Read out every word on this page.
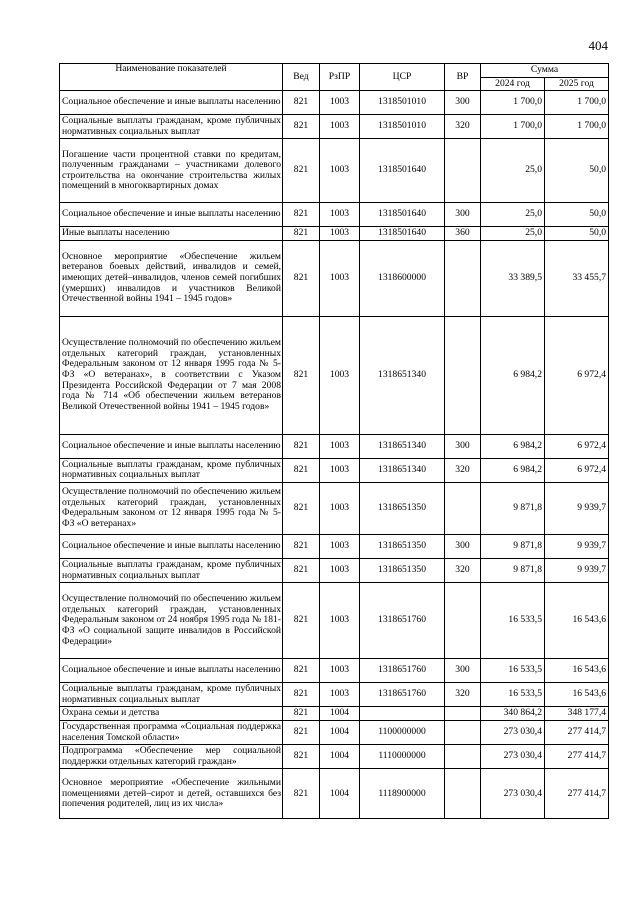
404
Наименование показателей	Вед	РзПР	ЦСР	ВР	Сумма	
					2024 год	2025 год
Социальное обеспечение и иные выплаты населению	821	1003	1318501010	300	1 700,0	1 700,0
Социальные выплаты гражданам, кроме публичных нормативных социальных выплат	821	1003	1318501010	320	1 700,0	1 700,0
Погашение части процентной ставки по кредитам, полученным гражданами – участниками долевого строительства на окончание строительства жилых помещений в многоквартирных домах	821	1003	1318501640		25,0	50,0
Социальное обеспечение и иные выплаты населению	821	1003	1318501640	300	25,0	50,0
Иные выплаты населению	821	1003	1318501640	360	25,0	50,0
Основное мероприятие «Обеспечение жильем ветеранов боевых действий, инвалидов и семей, имеющих детей–инвалидов, членов семей погибших (умерших) инвалидов и участников Великой Отечественной войны 1941 – 1945 годов»	821	1003	1318600000		33 389,5	33 455,7
Осуществление полномочий по обеспечению жильем отдельных категорий граждан, установленных Федеральным законом от 12 января 1995 года № 5-ФЗ «О ветеранах», в соответствии с Указом Президента Российской Федерации от 7 мая 2008 года № 714 «Об обеспечении жильем ветеранов Великой Отечественной войны 1941 – 1945 годов»	821	1003	1318651340		6 984,2	6 972,4
Социальное обеспечение и иные выплаты населению	821	1003	1318651340	300	6 984,2	6 972,4
Социальные выплаты гражданам, кроме публичных нормативных социальных выплат	821	1003	1318651340	320	6 984,2	6 972,4
Осуществление полномочий по обеспечению жильем отдельных категорий граждан, установленных Федеральным законом от 12 января 1995 года № 5-ФЗ «О ветеранах»	821	1003	1318651350		9 871,8	9 939,7
Социальное обеспечение и иные выплаты населению	821	1003	1318651350	300	9 871,8	9 939,7
Социальные выплаты гражданам, кроме публичных нормативных социальных выплат	821	1003	1318651350	320	9 871,8	9 939,7
Осуществление полномочий по обеспечению жильем отдельных категорий граждан, установленных Федеральным законом от 24 ноября 1995 года № 181-ФЗ «О социальной защите инвалидов в Российской Федерации»	821	1003	1318651760		16 533,5	16 543,6
Социальное обеспечение и иные выплаты населению	821	1003	1318651760	300	16 533,5	16 543,6
Социальные выплаты гражданам, кроме публичных нормативных социальных выплат	821	1003	1318651760	320	16 533,5	16 543,6
Охрана семьи и детства	821	1004			340 864,2	348 177,4
Государственная программа «Социальная поддержка населения Томской области»	821	1004	1100000000		273 030,4	277 414,7
Подпрограмма «Обеспечение мер социальной поддержки отдельных категорий граждан»	821	1004	1110000000		273 030,4	277 414,7
Основное мероприятие «Обеспечение жильными помещениями детей–сирот и детей, оставшихся без попечения родителей, лиц из их числа»	821	1004	1118900000		273 030,4	277 414,7
